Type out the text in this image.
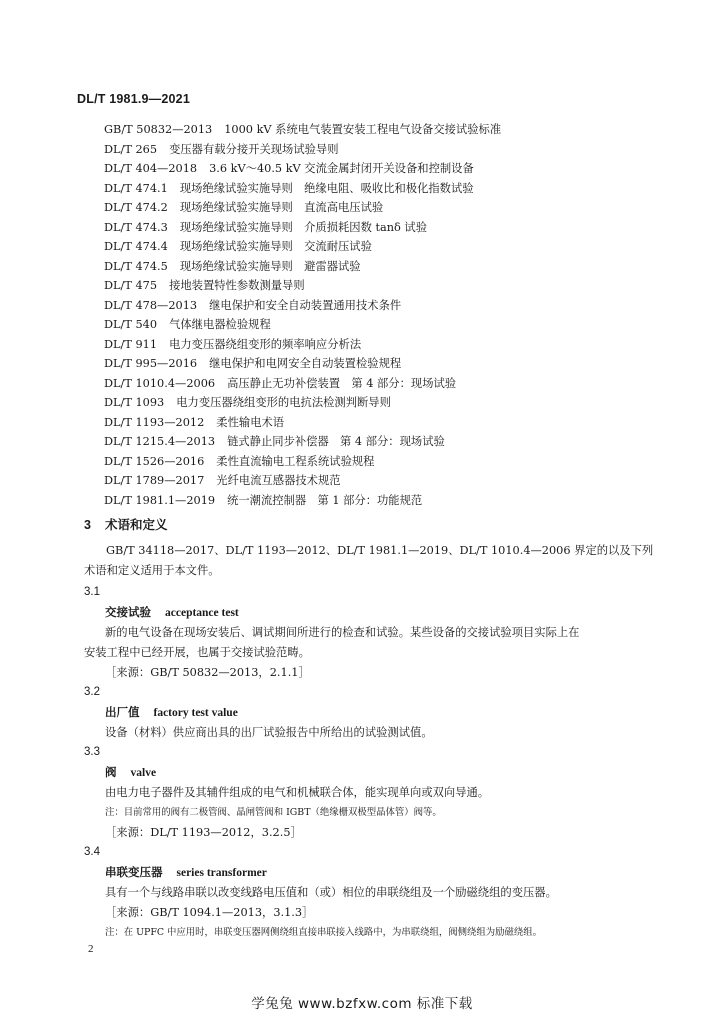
DL/T 1981.9—2021
GB/T 50832—2013 1000 kV 系统电气装置安装工程电气设备交接试验标准
DL/T 265 变压器有载分接开关现场试验导则
DL/T 404—2018 3.6 kV～40.5 kV 交流金属封闭开关设备和控制设备
DL/T 474.1 现场绝缘试验实施导则　绝缘电阻、吸收比和极化指数试验
DL/T 474.2 现场绝缘试验实施导则　直流高电压试验
DL/T 474.3 现场绝缘试验实施导则　介质损耗因数 tanδ 试验
DL/T 474.4 现场绝缘试验实施导则　交流耐压试验
DL/T 474.5 现场绝缘试验实施导则　避雷器试验
DL/T 475 接地装置特性参数测量导则
DL/T 478—2013 继电保护和安全自动装置通用技术条件
DL/T 540 气体继电器检验规程
DL/T 911 电力变压器绕组变形的频率响应分析法
DL/T 995—2016 继电保护和电网安全自动装置检验规程
DL/T 1010.4—2006 高压静止无功补偿装置　第 4 部分：现场试验
DL/T 1093 电力变压器绕组变形的电抗法检测判断导则
DL/T 1193—2012 柔性输电术语
DL/T 1215.4—2013 链式静止同步补偿器　第 4 部分：现场试验
DL/T 1526—2016 柔性直流输电工程系统试验规程
DL/T 1789—2017 光纤电流互感器技术规范
DL/T 1981.1—2019 统一潮流控制器　第 1 部分：功能规范
3 术语和定义
GB/T 34118—2017、DL/T 1193—2012、DL/T 1981.1—2019、DL/T 1010.4—2006 界定的以及下列
术语和定义适用于本文件。
3.1
交接试验 acceptance test
新的电气设备在现场安装后、调试期间所进行的检查和试验。某些设备的交接试验项目实际上在
安装工程中已经开展，也属于交接试验范畴。
［来源：GB/T 50832—2013，2.1.1］
3.2
出厂值 factory test value
设备（材料）供应商出具的出厂试验报告中所给出的试验测试值。
3.3
阀 valve
由电力电子器件及其辅件组成的电气和机械联合体，能实现单向或双向导通。
注：目前常用的阀有二极管阀、晶闸管阀和 IGBT（绝缘栅双极型晶体管）阀等。
［来源：DL/T 1193—2012，3.2.5］
3.4
串联变压器 series transformer
具有一个与线路串联以改变线路电压值和（或）相位的串联绕组及一个励磁绕组的变压器。
［来源：GB/T 1094.1—2013，3.1.3］
注：在 UPFC 中应用时，串联变压器网侧绕组直接串联接入线路中，为串联绕组，阀侧绕组为励磁绕组。
2
学兔兔 www.bzfxw.com 标准下载
